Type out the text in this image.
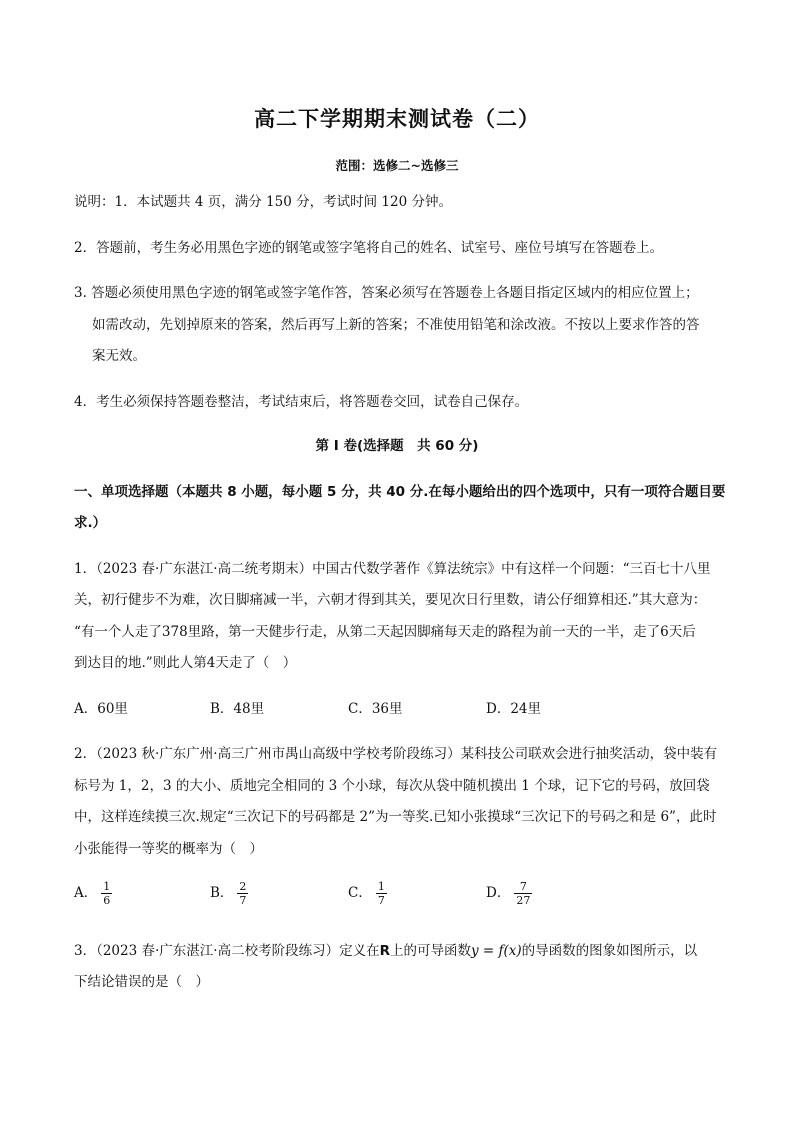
高二下学期期末测试卷（二）
范围：选修二~选修三
说明：1．本试题共 4 页，满分 150 分，考试时间 120 分钟。
2．答题前，考生务必用黑色字迹的钢笔或签字笔将自己的姓名、试室号、座位号填写在答题卷上。
3. 答题必须使用黑色字迹的钢笔或签字笔作答，答案必须写在答题卷上各题目指定区域内的相应位置上；
如需改动，先划掉原来的答案，然后再写上新的答案；不准使用铅笔和涂改液。不按以上要求作答的答
案无效。
4．考生必须保持答题卷整洁，考试结束后，将答题卷交回，试卷自己保存。
第 I 卷(选择题　共 60 分)
一、单项选择题（本题共 8 小题，每小题 5 分，共 40 分.在每小题给出的四个选项中，只有一项符合题目要
求.）
1．（2023 春·广东湛江·高二统考期末）中国古代数学著作《算法统宗》中有这样一个问题：“三百七十八里
关，初行健步不为难，次日脚痛减一半，六朝才得到其关，要见次日行里数，请公仔细算相还.”其大意为：
“有一个人走了378里路，第一天健步行走，从第二天起因脚痛每天走的路程为前一天的一半，走了6天后
到达目的地.”则此人第4天走了（　）
A．60里	B．48里	C．36里	D．24里
2．（2023 秋·广东广州·高三广州市禺山高级中学校考阶段练习）某科技公司联欢会进行抽奖活动，袋中装有
标号为 1，2，3 的大小、质地完全相同的 3 个小球，每次从袋中随机摸出 1 个球，记下它的号码，放回袋
中，这样连续摸三次.规定“三次记下的号码都是 2”为一等奖.已知小张摸球“三次记下的号码之和是 6”，此时
小张能得一等奖的概率为（　）
A． $\frac{1}{6}$	B． $\frac{2}{7}$	C． $\frac{1}{7}$	D． $\frac{7}{27}$
3．（2023 春·广东湛江·高二校考阶段练习）定义在R上的可导函数y = f(x)的导函数的图象如图所示，以
下结论错误的是（　）
